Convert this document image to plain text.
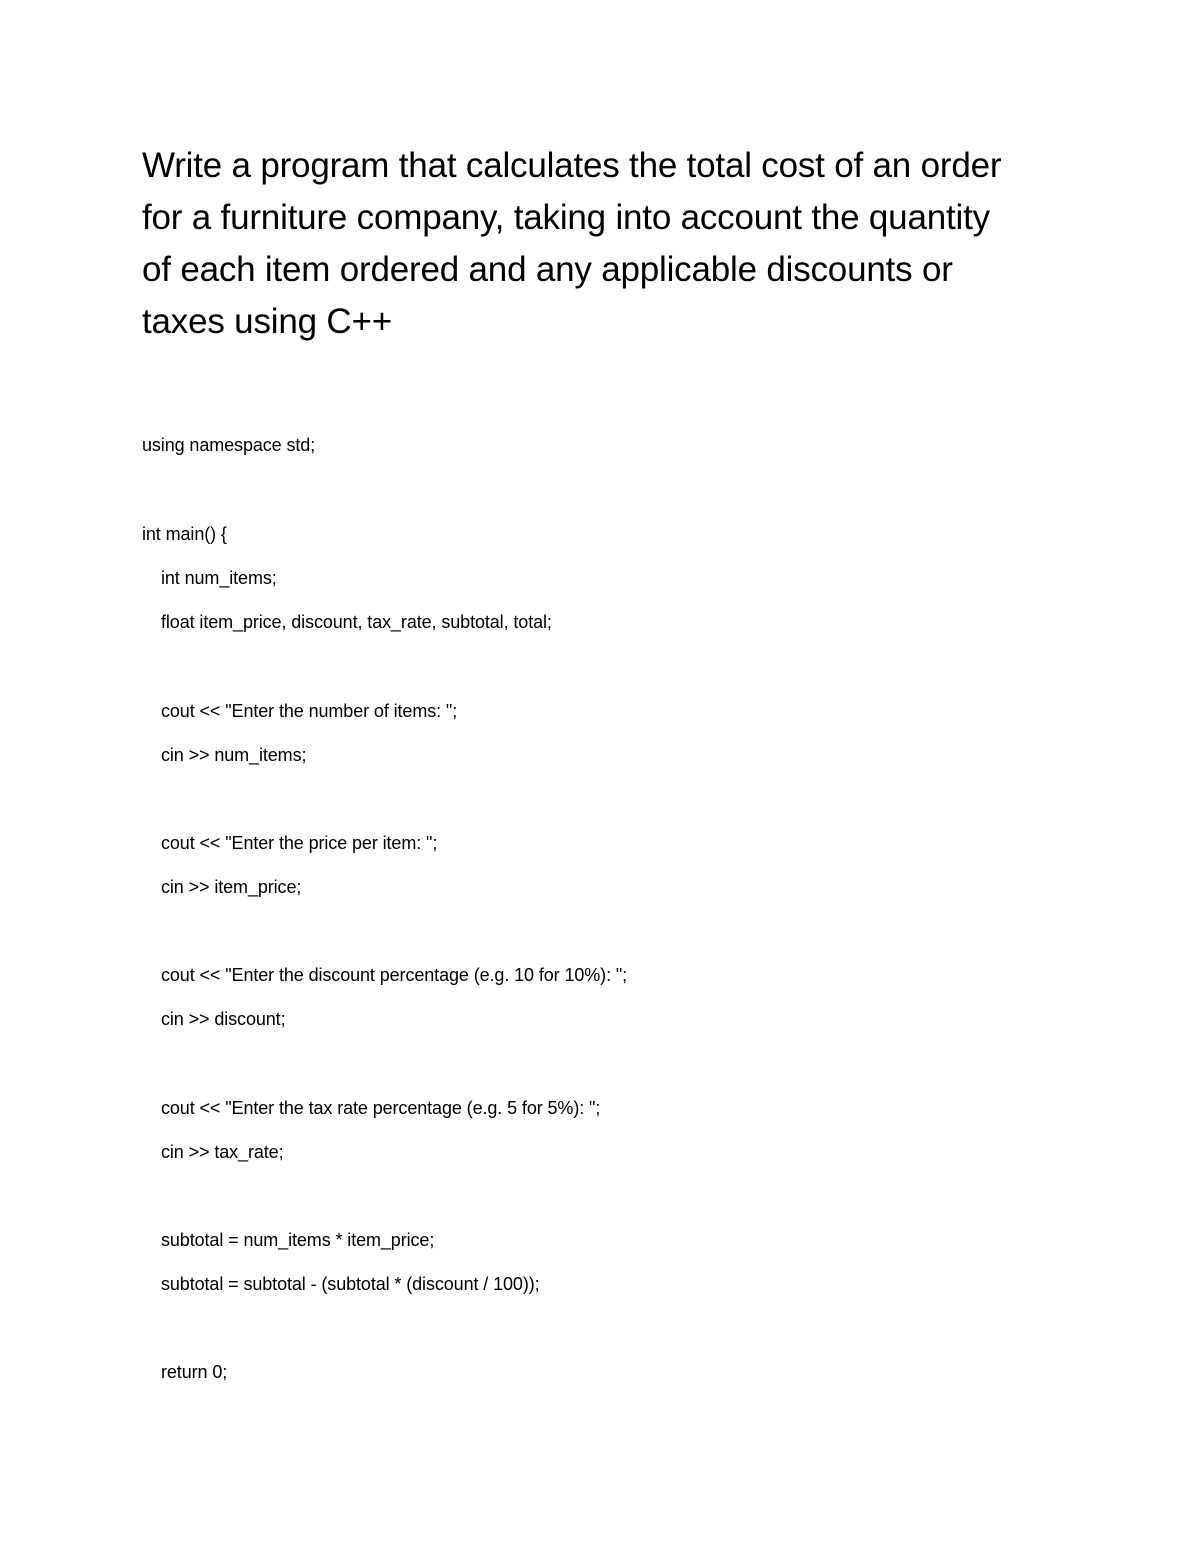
Write a program that calculates the total cost of an order
for a furniture company, taking into account the quantity
of each item ordered and any applicable discounts or
taxes using C++

using namespace std;

int main() {

int num_items;

float item_price, discount, tax_rate, subtotal, total;

cout << "Enter the number of items: ";

cin >> num_items;

cout << "Enter the price per item: ";

cin >> item_price;

cout << "Enter the discount percentage (e.g. 10 for 10%): ";

cin >> discount;

cout << "Enter the tax rate percentage (e.g. 5 for 5%): ";

cin >> tax_rate;

subtotal = num_items * item_price;

subtotal = subtotal - (subtotal * (discount / 100));

return 0;
